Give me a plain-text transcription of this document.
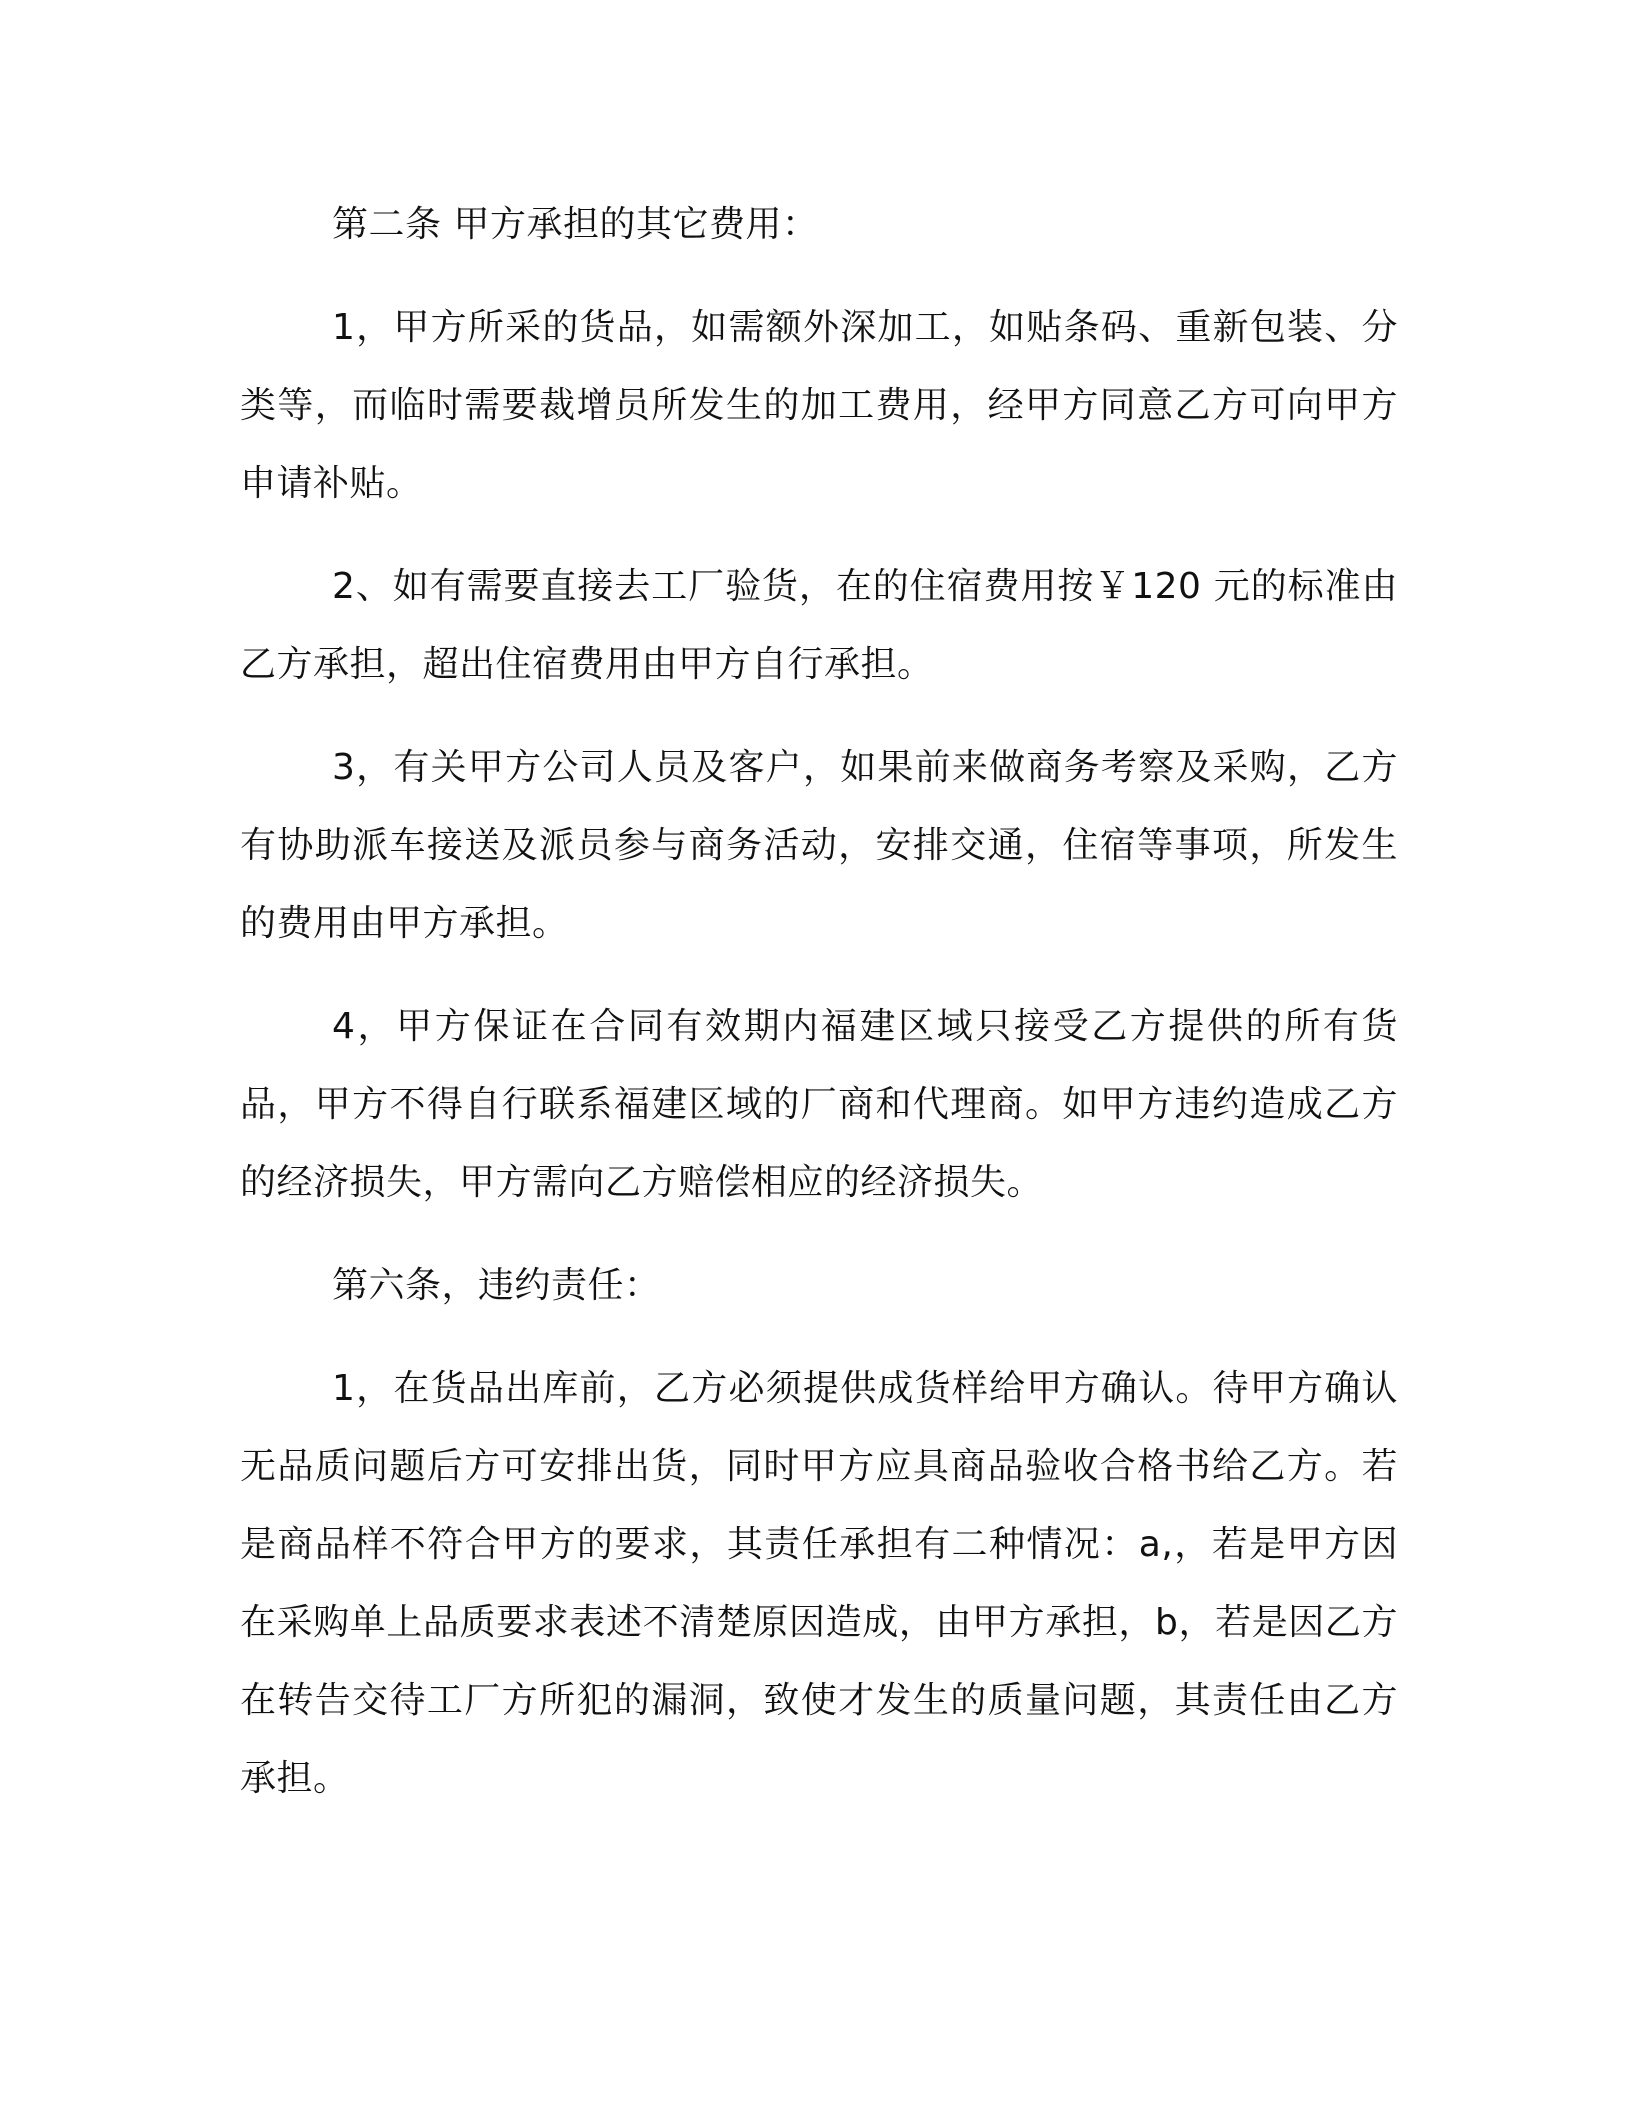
第二条 甲方承担的其它费用：

1，甲方所采的货品，如需额外深加工，如贴条码、重新包装、分类等，而临时需要裁增员所发生的加工费用，经甲方同意乙方可向甲方申请补贴。

2、如有需要直接去工厂验货，在的住宿费用按￥120 元的标准由乙方承担，超出住宿费用由甲方自行承担。

3，有关甲方公司人员及客户，如果前来做商务考察及采购，乙方有协助派车接送及派员参与商务活动，安排交通，住宿等事项，所发生的费用由甲方承担。

4，甲方保证在合同有效期内福建区域只接受乙方提供的所有货品，甲方不得自行联系福建区域的厂商和代理商。如甲方违约造成乙方的经济损失，甲方需向乙方赔偿相应的经济损失。

第六条，违约责任：

1，在货品出库前，乙方必须提供成货样给甲方确认。待甲方确认无品质问题后方可安排出货，同时甲方应具商品验收合格书给乙方。若是商品样不符合甲方的要求，其责任承担有二种情况：a,，若是甲方因在采购单上品质要求表述不清楚原因造成，由甲方承担，b，若是因乙方在转告交待工厂方所犯的漏洞，致使才发生的质量问题，其责任由乙方承担。
